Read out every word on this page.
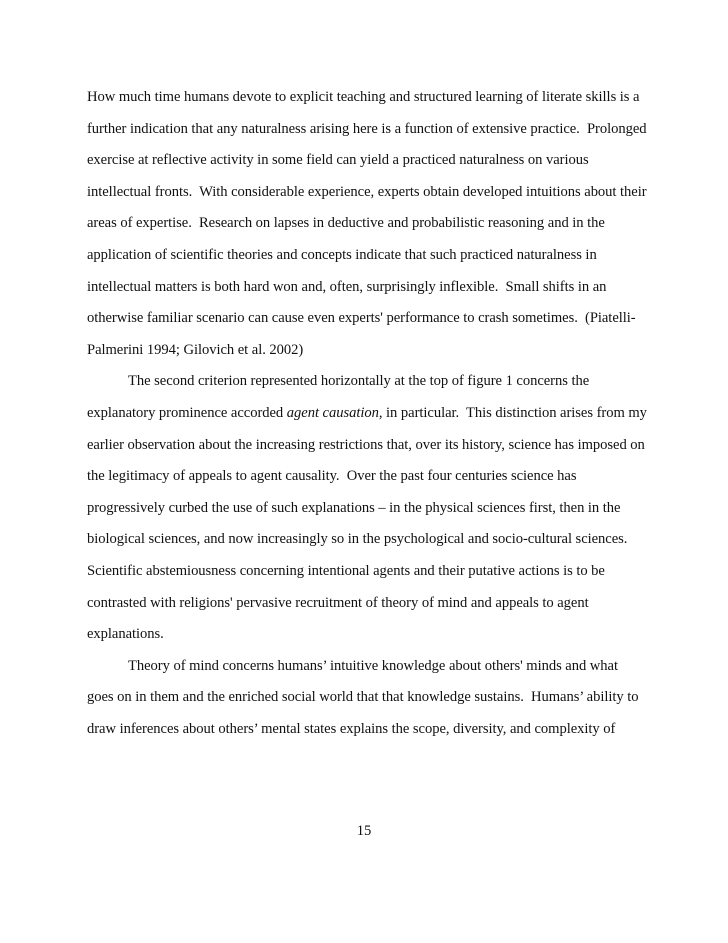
How much time humans devote to explicit teaching and structured learning of literate skills is a
further indication that any naturalness arising here is a function of extensive practice.  Prolonged
exercise at reflective activity in some field can yield a practiced naturalness on various
intellectual fronts.  With considerable experience, experts obtain developed intuitions about their
areas of expertise.  Research on lapses in deductive and probabilistic reasoning and in the
application of scientific theories and concepts indicate that such practiced naturalness in
intellectual matters is both hard won and, often, surprisingly inflexible.  Small shifts in an
otherwise familiar scenario can cause even experts' performance to crash sometimes.  (Piatelli-
Palmerini 1994; Gilovich et al. 2002)
The second criterion represented horizontally at the top of figure 1 concerns the
explanatory prominence accorded agent causation, in particular.  This distinction arises from my
earlier observation about the increasing restrictions that, over its history, science has imposed on
the legitimacy of appeals to agent causality.  Over the past four centuries science has
progressively curbed the use of such explanations – in the physical sciences first, then in the
biological sciences, and now increasingly so in the psychological and socio-cultural sciences.
Scientific abstemiousness concerning intentional agents and their putative actions is to be
contrasted with religions' pervasive recruitment of theory of mind and appeals to agent
explanations.
Theory of mind concerns humans’ intuitive knowledge about others' minds and what
goes on in them and the enriched social world that that knowledge sustains.  Humans’ ability to
draw inferences about others’ mental states explains the scope, diversity, and complexity of
15
